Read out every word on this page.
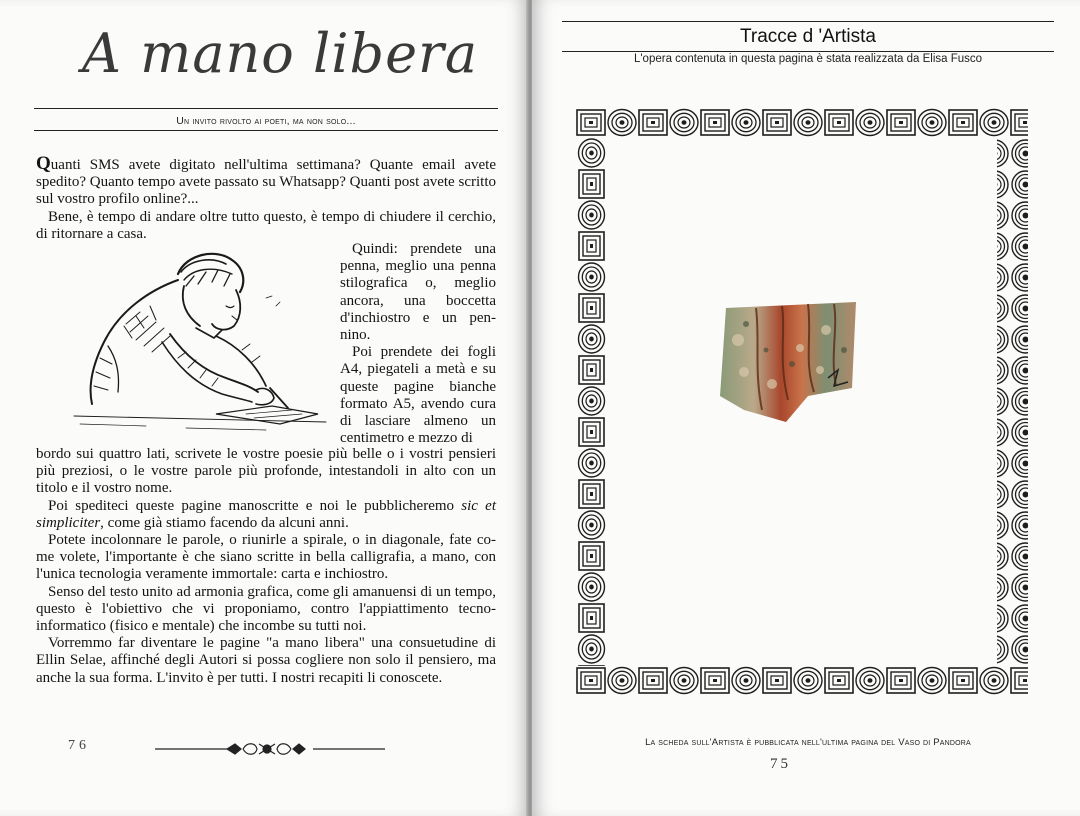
A mano libera
Un invito rivolto ai poeti, ma non solo...

Quanti SMS avete digitato nell'ultima settimana? Quante email avete spedito? Quanto tempo avete passato su Whatsapp? Quanti post avete scritto sul vostro profilo online?...

Bene, è tempo di andare oltre tutto questo, è tempo di chiudere il cerchio, di ritornare a casa.

Quindi: prendete una penna, meglio una penna stilografica o, meglio ancora, una boccetta d'inchiostro e un pen- nino.

Poi prendete dei fogli A4, piegateli a metà e su queste pagine bianche formato A5, avendo cura di lasciare almeno un centimetro e mezzo di

bordo sui quattro lati, scrivete le vostre poesie più belle o i vostri pensieri più preziosi, o le vostre parole più profonde, intestandoli in alto con un titolo e il vostro nome.

Poi spediteci queste pagine manoscritte e noi le pubblicheremo sic et simpliciter, come già stiamo facendo da alcuni anni.

Potete incolonnare le parole, o riunirle a spirale, o in diagonale, fate co- me volete, l'importante è che siano scritte in bella calligrafia, a mano, con l'unica tecnologia veramente immortale: carta e inchiostro.

Senso del testo unito ad armonia grafica, come gli amanuensi di un tempo, questo è l'obiettivo che vi proponiamo, contro l'appiattimento tecno-informatico (fisico e mentale) che incombe su tutti noi.

Vorremmo far diventare le pagine "a mano libera" una consuetudine di Ellin Selae, affinché degli Autori si possa cogliere non solo il pensiero, ma anche la sua forma. L'invito è per tutti. I nostri recapiti li conoscete.

76
Tracce d 'Artista
L'opera contenuta in questa pagina è stata realizzata da Elisa Fusco
La scheda sull'Artista è pubblicata nell'ultima pagina del Vaso di Pandora
75
